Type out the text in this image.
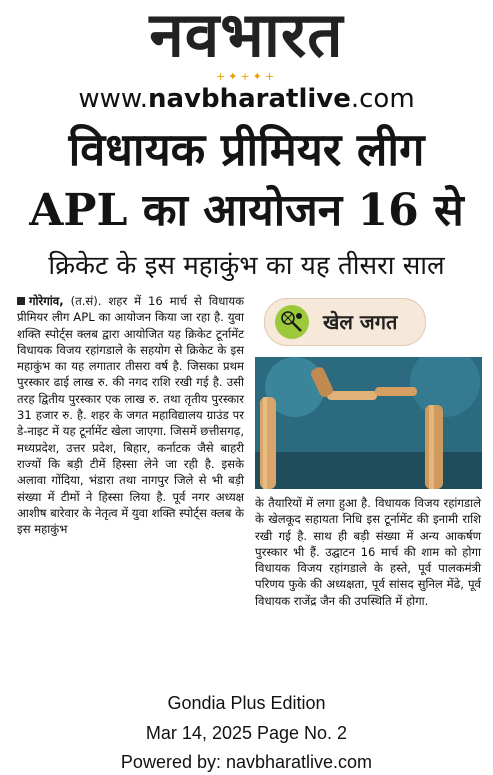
नवभारत
+✦+✦+
www.navbharatlive.com
विधायक प्रीमियर लीग
APL का आयोजन 16 से
क्रिकेट के इस महाकुंभ का यह तीसरा साल
गोरेगांव, (त.सं). शहर में 16 मार्च से विधायक प्रीमियर लीग APL का आयोजन किया जा रहा है. युवा शक्ति स्पोर्ट्स क्लब द्वारा आयोजित यह क्रिकेट टूर्नामेंट विधायक विजय रहांगडाले के सहयोग से क्रिकेट के इस महाकुंभ का यह लगातार तीसरा वर्ष है. जिसका प्रथम पुरस्कार ढाई लाख रु. की नगद राशि रखी गई है. उसी तरह द्वितीय पुरस्कार एक लाख रु. तथा तृतीय पुरस्कार 31 हजार रु. है. शहर के जगत महाविद्यालय ग्राउंड पर डे-नाइट में यह टूर्नामेंट खेला जाएगा. जिसमें छत्तीसगढ़, मध्यप्रदेश, उत्तर प्रदेश, बिहार, कर्नाटक जैसे बाहरी राज्यों कि बड़ी टीमें हिस्सा लेने जा रही है. इसके अलावा गोंदिया, भंडारा तथा नागपुर जिले से भी बड़ी संख्या में टीमों ने हिस्सा लिया है. पूर्व नगर अध्यक्ष आशीष बारेवार के नेतृत्व में युवा शक्ति स्पोर्ट्स क्लब के इस महाकुंभ
खेल जगत
के तैयारियों में लगा हुआ है. विधायक विजय रहांगडाले के खेलकूद सहायता निधि इस टूर्नामेंट की इनामी राशि रखी गई है. साथ ही बड़ी संख्या में अन्य आकर्षण पुरस्कार भी हैं. उद्घाटन 16 मार्च की शाम को होगा विधायक विजय रहांगडाले के हस्ते, पूर्व पालकमंत्री परिणय फुके की अध्यक्षता, पूर्व सांसद सुनिल मेंढे, पूर्व विधायक राजेंद्र जैन की उपस्थिति में होगा.
Gondia Plus Edition
Mar 14, 2025 Page No. 2
Powered by: navbharatlive.com
